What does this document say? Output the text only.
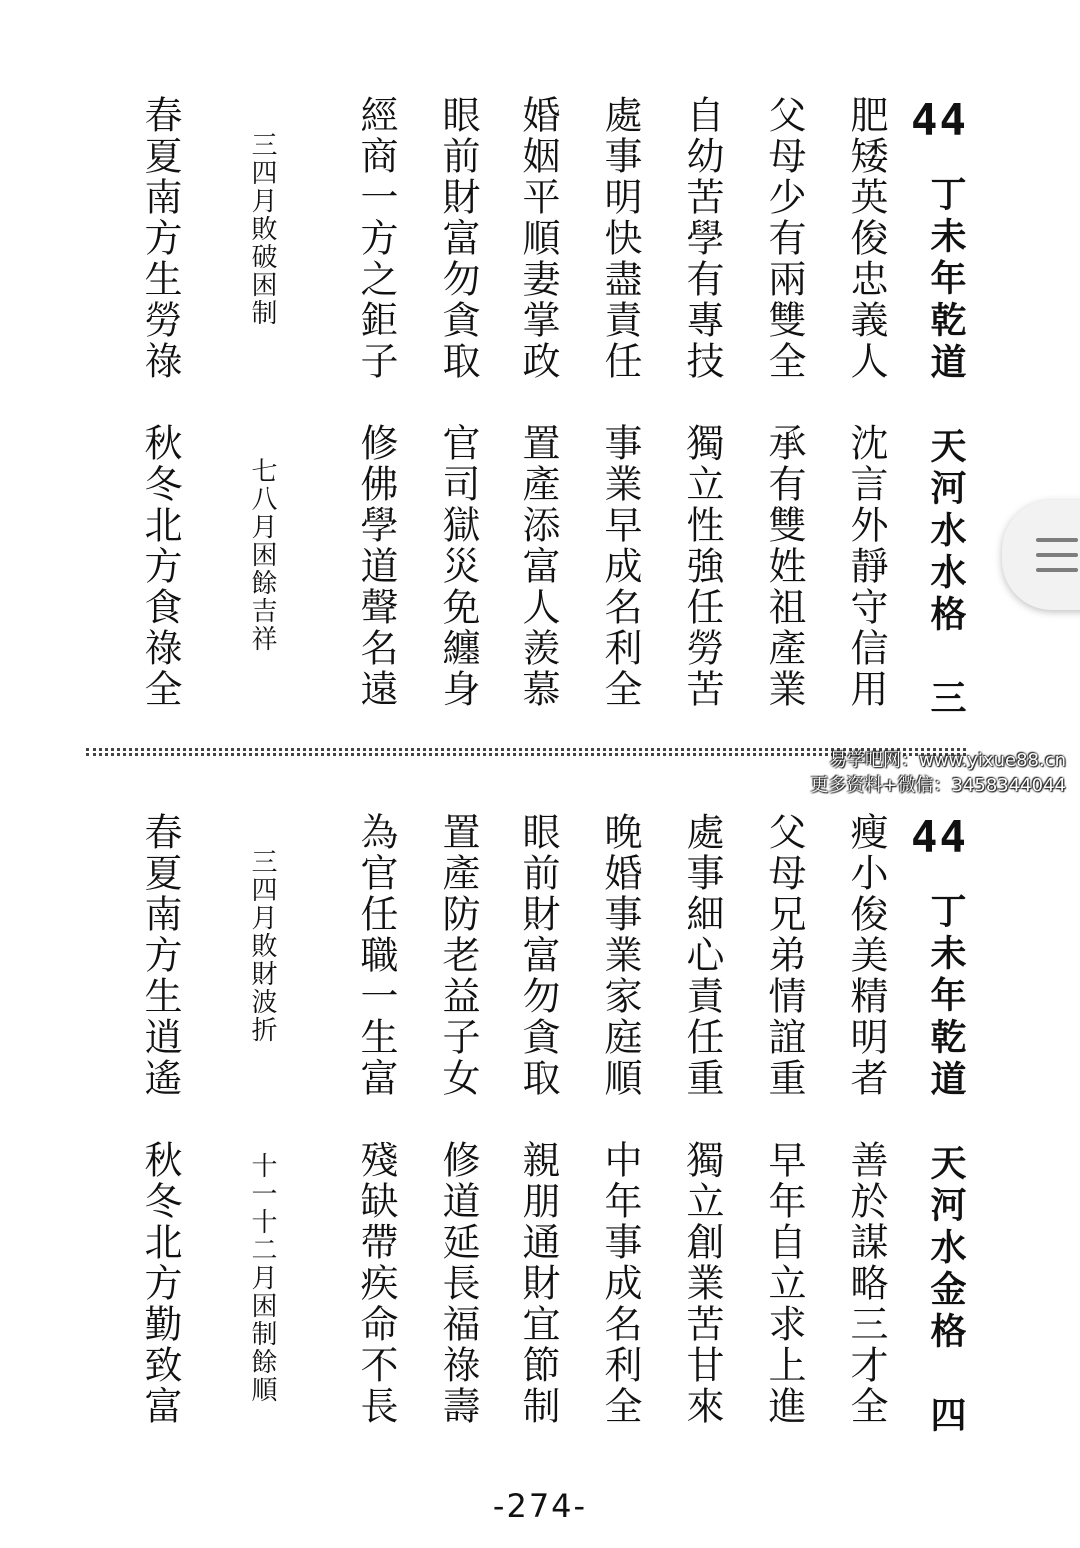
44
丁未年乾道　天河水水格　三
肥矮英俊忠義人　沈言外靜守信用
父母少有兩雙全　承有雙姓祖產業
自幼苦學有專技　獨立性強任勞苦
處事明快盡責任　事業早成名利全
婚姻平順妻掌政　置產添富人羨慕
眼前財富勿貪取　官司獄災免纏身
經商一方之鉅子　修佛學道聲名遠
三四月敗破困制
七八月困餘吉祥
春夏南方生勞祿　秋冬北方食祿全
易学吧网：www.yixue88.cn
更多资料+微信：3458344044
44
丁未年乾道　天河水金格　四
瘦小俊美精明者　善於謀略三才全
父母兄弟情誼重　早年自立求上進
處事細心責任重　獨立創業苦甘來
晚婚事業家庭順　中年事成名利全
眼前財富勿貪取　親朋通財宜節制
置產防老益子女　修道延長福祿壽
為官任職一生富　殘缺帶疾命不長
三四月敗財波折
十一十二月困制餘順
春夏南方生逍遙　秋冬北方勤致富
-274-
